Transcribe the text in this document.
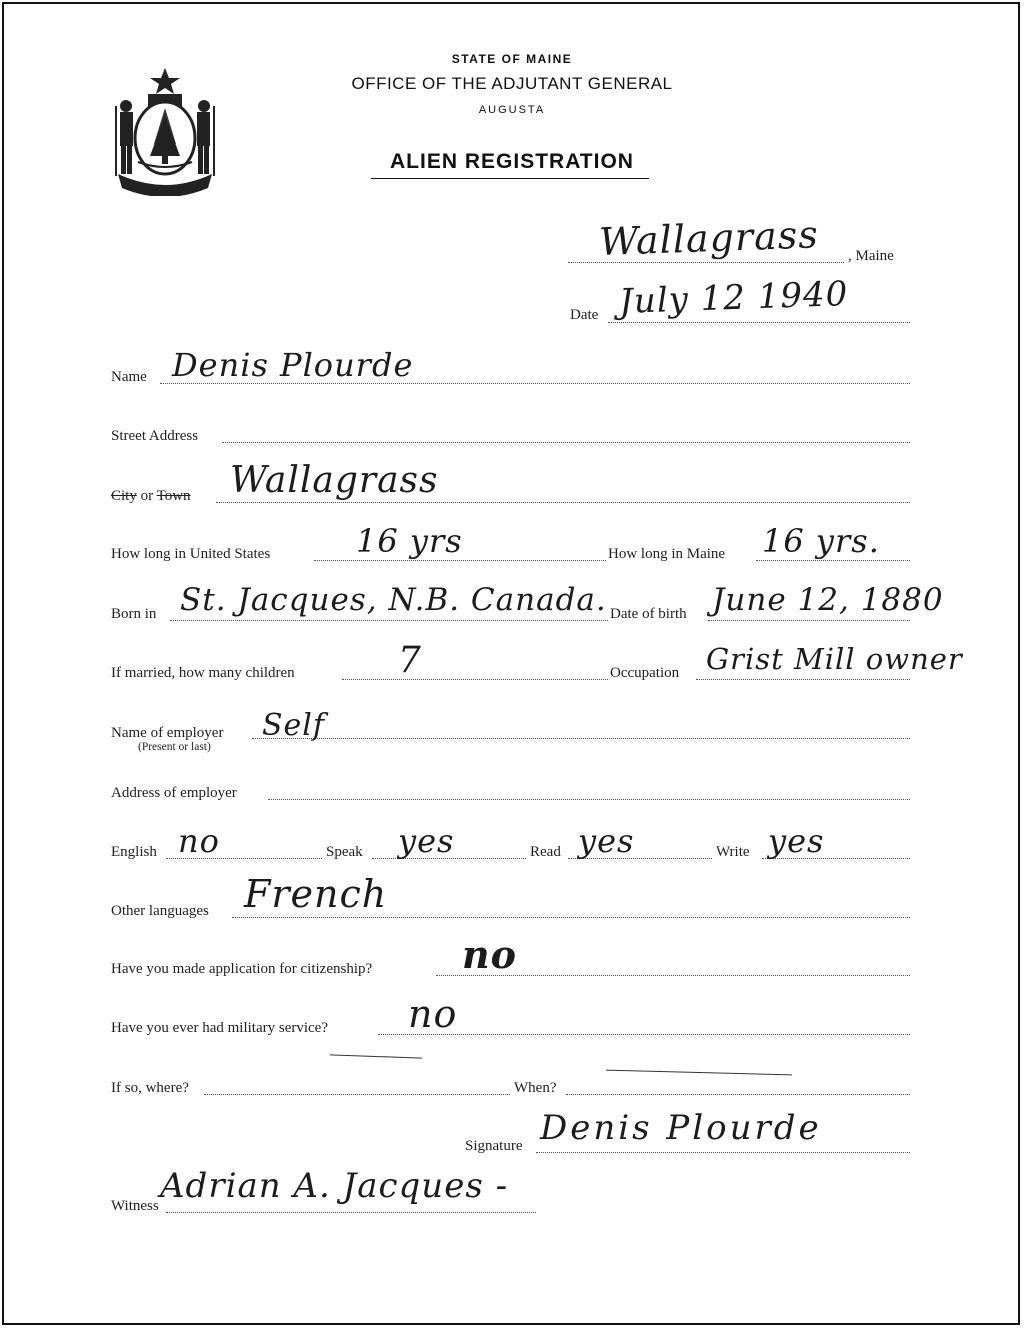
MAINE
STATE OF MAINE
OFFICE OF THE ADJUTANT GENERAL
AUGUSTA
ALIEN REGISTRATION
Wallagrass , Maine
Date July 12 1940
Name Denis Plourde
Street Address
City or Town Wallagrass
How long in United States	16 yrs	How long in Maine 16 yrs.
Born in St. Jacques, N.B. Canada. Date of birth June 12, 1880
If married, how many children	7	Occupation Grist Mill owner
Name of employer
(Present or last)
Self
Address of employer
English no	Speak yes	Read yes	Write yes
Other languages French
Have you made application for citizenship? no
Have you ever had military service? no
If so, where?	When?
Signature Denis Plourde
Witness Adrian A. Jacques -
